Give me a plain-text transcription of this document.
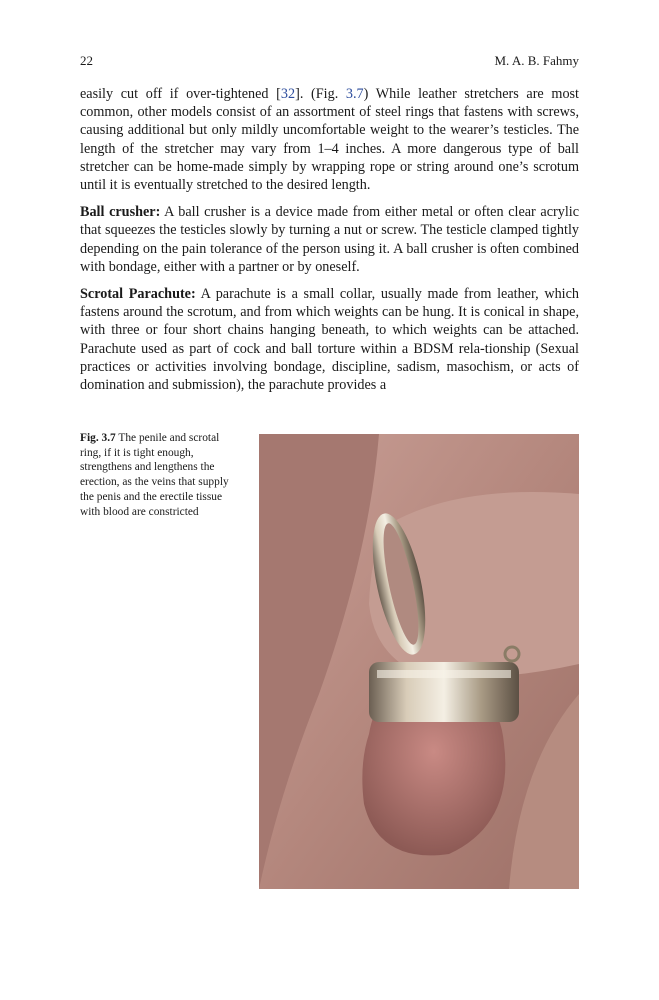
22	M. A. B. Fahmy

easily cut off if over-tightened [32]. (Fig. 3.7) While leather stretchers are most common, other models consist of an assortment of steel rings that fastens with screws, causing additional but only mildly uncomfortable weight to the wearer’s testicles. The length of the stretcher may vary from 1–4 inches. A more dangerous type of ball stretcher can be home-made simply by wrapping rope or string around one’s scrotum until it is eventually stretched to the desired length.

Ball crusher: A ball crusher is a device made from either metal or often clear acrylic that squeezes the testicles slowly by turning a nut or screw. The testicle clamped tightly depending on the pain tolerance of the person using it. A ball crusher is often combined with bondage, either with a partner or by oneself.

Scrotal Parachute: A parachute is a small collar, usually made from leather, which fastens around the scrotum, and from which weights can be hung. It is conical in shape, with three or four short chains hanging beneath, to which weights can be attached. Parachute used as part of cock and ball torture within a BDSM rela-tionship (Sexual practices or activities involving bondage, discipline, sadism, masochism, or acts of domination and submission), the parachute provides a

Fig. 3.7 The penile and scrotal ring, if it is tight enough, strengthens and lengthens the erection, as the veins that supply the penis and the erectile tissue with blood are constricted
